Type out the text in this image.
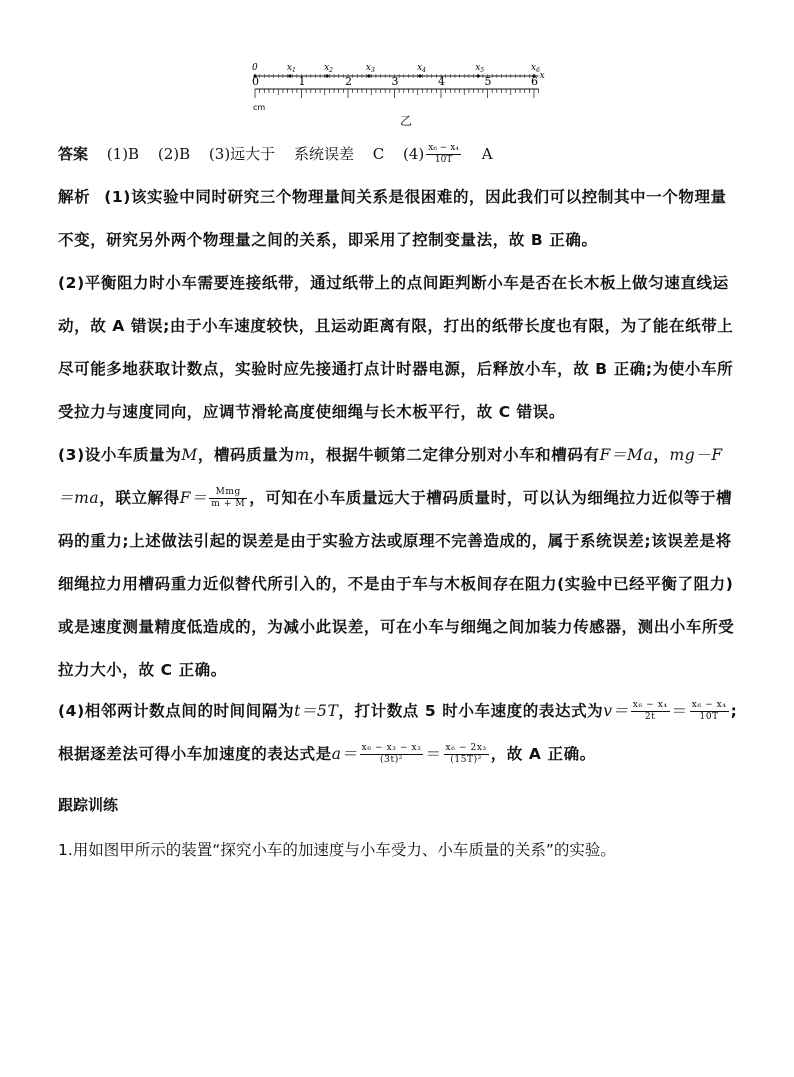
0	$x_1$	$x_2$	$x_3$	$x_4$	$x_5$	$x_6$
0	1	2	3	4	5	6 x
cm
乙
答案 (1)B (2)B (3)远大于 系统误差 C $(4) \frac{\text{x₆ − x₄}}{10T}$ A
解析 (1)该实验中同时研究三个物理量间关系是很困难的，因此我们可以控制其中一个物理量不变，研究另外两个物理量之间的关系，即采用了控制变量法，故 B 正确。
(2)平衡阻力时小车需要连接纸带，通过纸带上的点间距判断小车是否在长木板上做匀速直线运动，故 A 错误;由于小车速度较快，且运动距离有限，打出的纸带长度也有限，为了能在纸带上尽可能多地获取计数点，实验时应先接通打点计时器电源，后释放小车，故 B 正确;为使小车所受拉力与速度同向，应调节滑轮高度使细绳与长木板平行，故 C 错误。
(3)设小车质量为M，槽码质量为m，根据牛顿第二定律分别对小车和槽码有F＝Ma，mg－F＝ma，联立解得$F= \frac{\text{Mmg}}{m + M}$ ，可知在小车质量远大于槽码质量时，可以认为细绳拉力近似等于槽码的重力;上述做法引起的误差是由于实验方法或原理不完善造成的，属于系统误差;该误差是将细绳拉力用槽码重力近似替代所引入的，不是由于车与木板间存在阻力(实验中已经平衡了阻力)或是速度测量精度低造成的，为减小此误差，可在小车与细绳之间加装力传感器，测出小车所受拉力大小，故 C 正确。
(4)相邻两计数点间的时间间隔为t＝5T，打计数点 5 时小车速度的表达式为$v= \frac{\text{x₆ − x₄}}{2t} = \frac{\text{x₆ − x₄}}{10T}$ ;根据逐差法可得小车加速度的表达式是$a= \frac{\text{x₆ − x₃ − x₃}}{\text{(3t)²}} = \frac{\text{x₆ − 2x₃}}{\text{(15T)²}}$ ，故 A 正确。
跟踪训练
1.用如图甲所示的装置“探究小车的加速度与小车受力、小车质量的关系”的实验。
